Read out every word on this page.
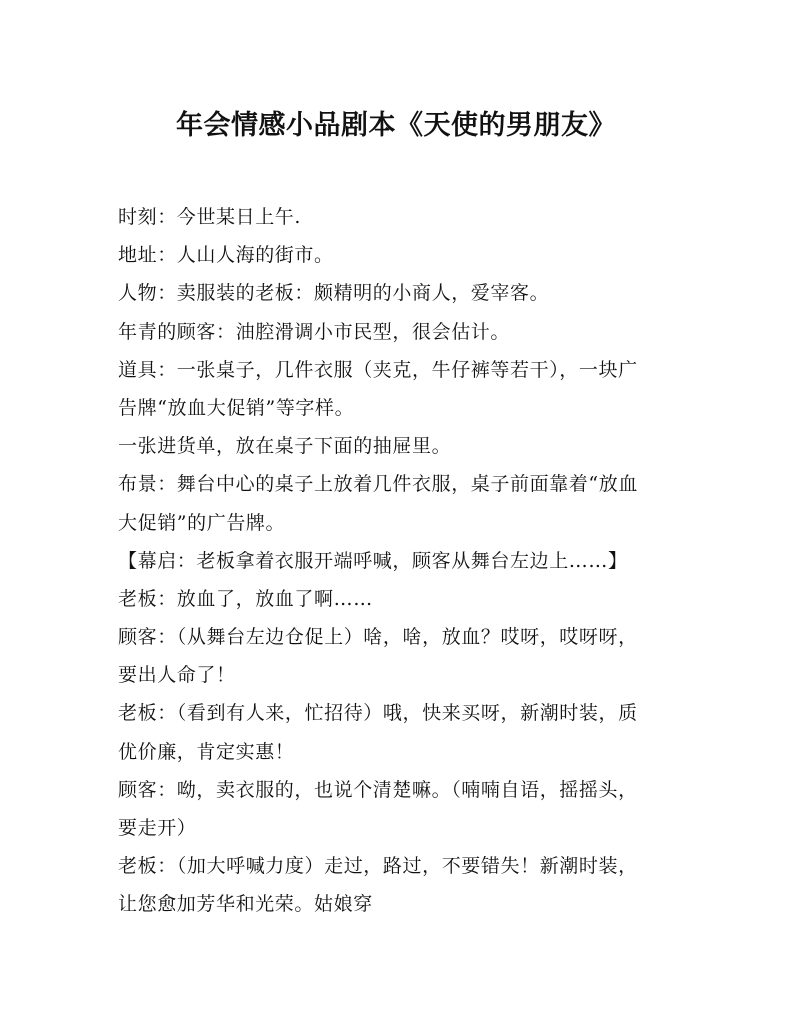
年会情感小品剧本《天使的男朋友》
时刻：今世某日上午.
地址：人山人海的街市。
人物：卖服装的老板：颇精明的小商人，爱宰客。
年青的顾客：油腔滑调小市民型，很会估计。
道具：一张桌子，几件衣服（夹克，牛仔裤等若干），一块广
告牌“放血大促销”等字样。
一张进货单，放在桌子下面的抽屉里。
布景：舞台中心的桌子上放着几件衣服，桌子前面靠着“放血
大促销”的广告牌。
【幕启：老板拿着衣服开端呼喊，顾客从舞台左边上……】
老板：放血了，放血了啊……
顾客：（从舞台左边仓促上）啥，啥，放血？哎呀，哎呀呀，
要出人命了！
老板：（看到有人来，忙招待）哦，快来买呀，新潮时装，质
优价廉，肯定实惠！
顾客：呦，卖衣服的，也说个清楚嘛。（喃喃自语，摇摇头，
要走开）
老板：（加大呼喊力度）走过，路过，不要错失！新潮时装，
让您愈加芳华和光荣。姑娘穿
